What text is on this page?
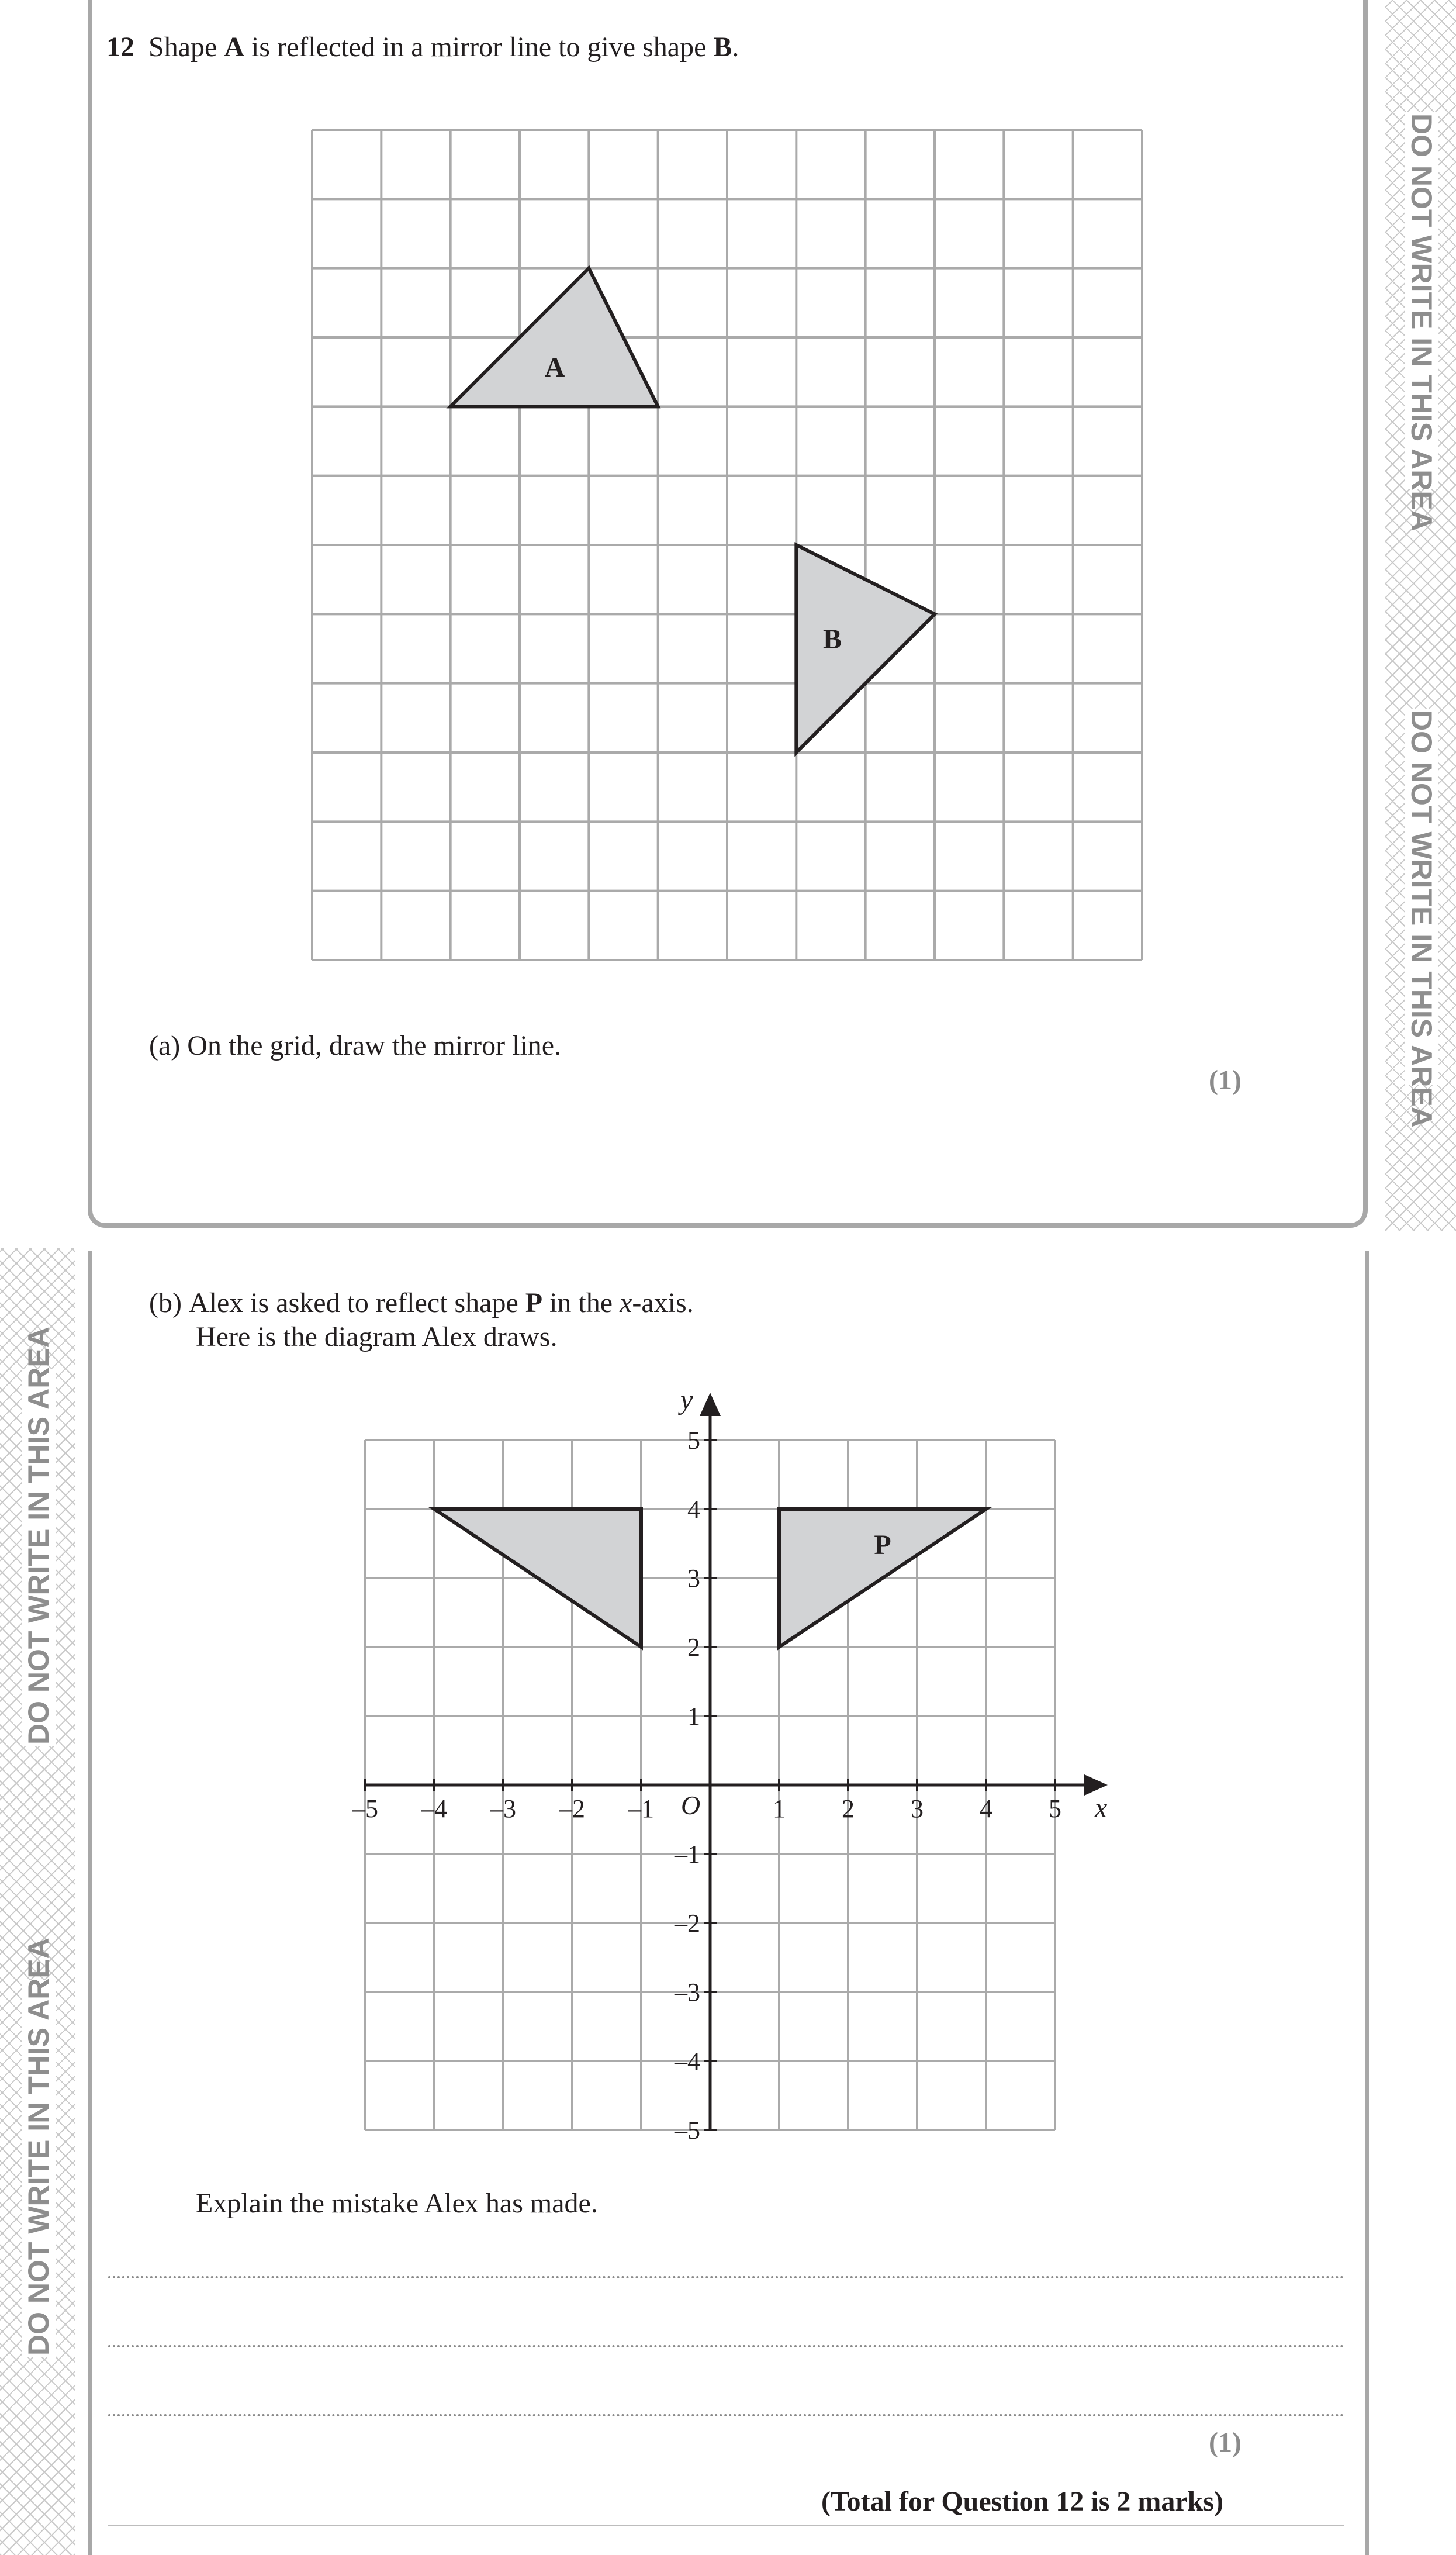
DO NOT WRITE IN THIS AREA
DO NOT WRITE IN THIS AREA
DO NOT WRITE IN THIS AREA
DO NOT WRITE IN THIS AREA
12 Shape A is reflected in a mirror line to give shape B.
A
B
(a) On the grid, draw the mirror line.
(1)
(b) Alex is asked to reflect shape P in the x-axis.
Here is the diagram Alex draws.
–5 –4 –3 –2 –1	1 2 3 4 5
5
4
3
2
1
–1
–2
–3
–4
–5
O	x
y
P
Explain the mistake Alex has made.
(1)
(Total for Question 12 is 2 marks)
